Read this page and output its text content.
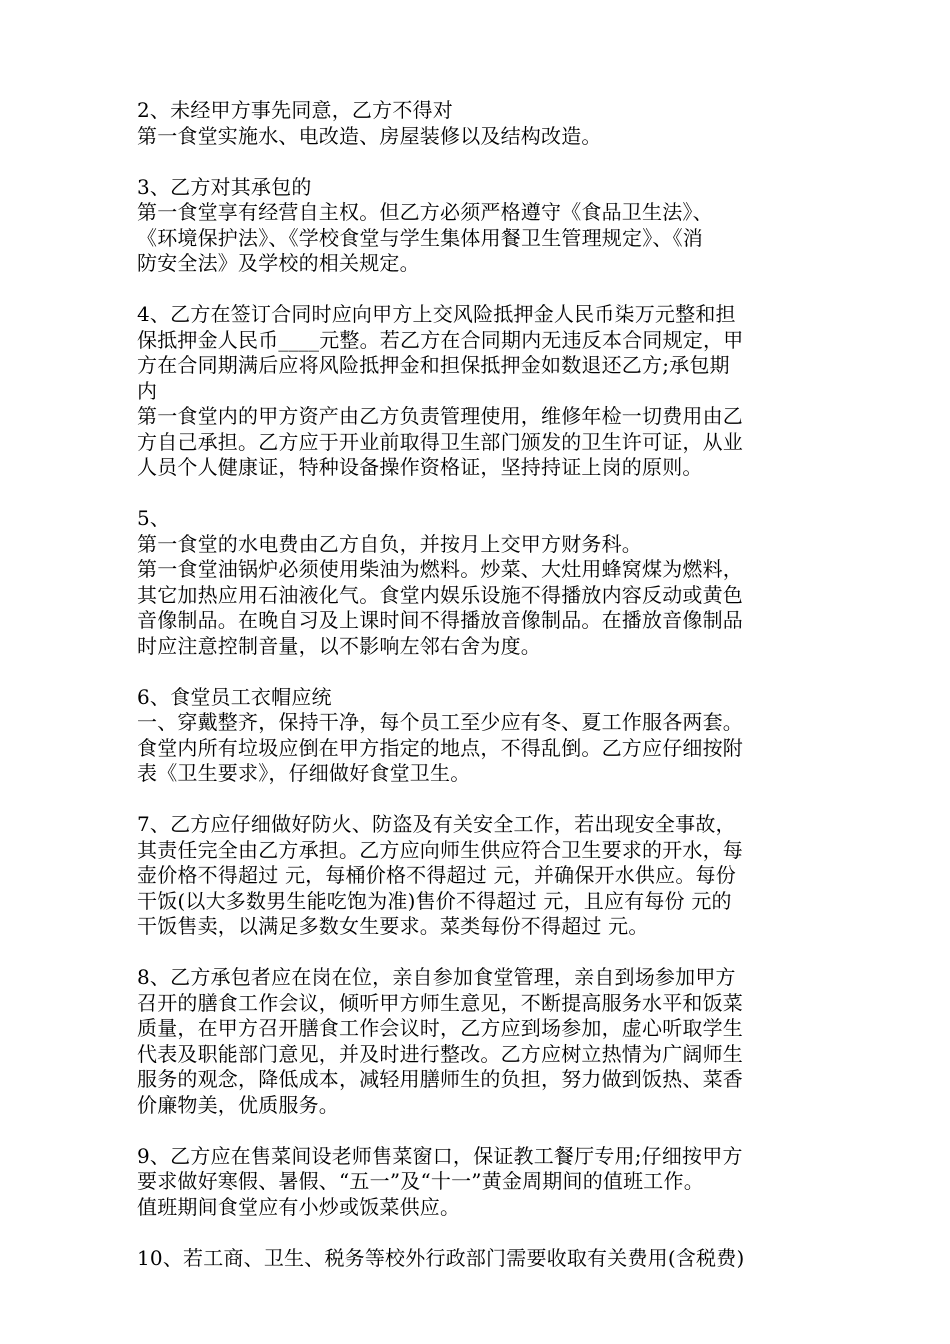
2、未经甲方事先同意，乙方不得对
第一食堂实施水、电改造、房屋装修以及结构改造。
3、乙方对其承包的
第一食堂享有经营自主权。但乙方必须严格遵守《食品卫生法》、
《环境保护法》、《学校食堂与学生集体用餐卫生管理规定》、《消
防安全法》及学校的相关规定。
4、乙方在签订合同时应向甲方上交风险抵押金人民币柒万元整和担
保抵押金人民币____元整。若乙方在合同期内无违反本合同规定，甲
方在合同期满后应将风险抵押金和担保抵押金如数退还乙方;承包期
内
第一食堂内的甲方资产由乙方负责管理使用，维修年检一切费用由乙
方自己承担。乙方应于开业前取得卫生部门颁发的卫生许可证，从业
人员个人健康证，特种设备操作资格证，坚持持证上岗的原则。
5、
第一食堂的水电费由乙方自负，并按月上交甲方财务科。
第一食堂油锅炉必须使用柴油为燃料。炒菜、大灶用蜂窝煤为燃料，
其它加热应用石油液化气。食堂内娱乐设施不得播放内容反动或黄色
音像制品。在晚自习及上课时间不得播放音像制品。在播放音像制品
时应注意控制音量，以不影响左邻右舍为度。
6、食堂员工衣帽应统
一、穿戴整齐，保持干净，每个员工至少应有冬、夏工作服各两套。
食堂内所有垃圾应倒在甲方指定的地点，不得乱倒。乙方应仔细按附
表《卫生要求》，仔细做好食堂卫生。
7、乙方应仔细做好防火、防盗及有关安全工作，若出现安全事故，
其责任完全由乙方承担。乙方应向师生供应符合卫生要求的开水，每
壶价格不得超过 元，每桶价格不得超过 元，并确保开水供应。每份
干饭(以大多数男生能吃饱为准)售价不得超过 元，且应有每份 元的
干饭售卖，以满足多数女生要求。菜类每份不得超过 元。
8、乙方承包者应在岗在位，亲自参加食堂管理，亲自到场参加甲方
召开的膳食工作会议，倾听甲方师生意见，不断提高服务水平和饭菜
质量，在甲方召开膳食工作会议时，乙方应到场参加，虚心听取学生
代表及职能部门意见，并及时进行整改。乙方应树立热情为广阔师生
服务的观念，降低成本，减轻用膳师生的负担，努力做到饭热、菜香
价廉物美，优质服务。
9、乙方应在售菜间设老师售菜窗口，保证教工餐厅专用;仔细按甲方
要求做好寒假、暑假、“五一”及“十一”黄金周期间的值班工作。
值班期间食堂应有小炒或饭菜供应。
10、若工商、卫生、税务等校外行政部门需要收取有关费用(含税费)
